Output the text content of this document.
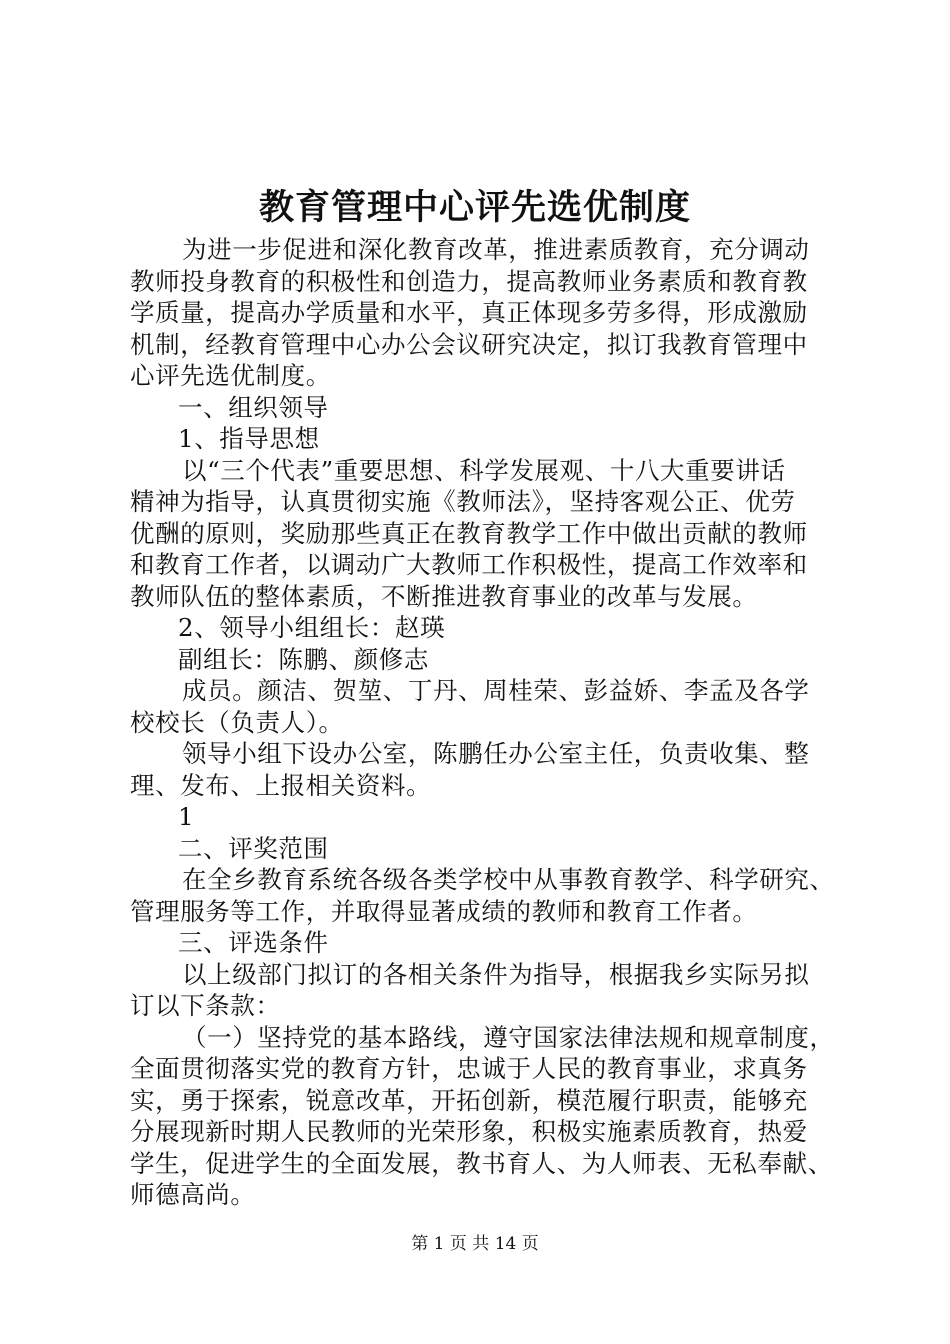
教育管理中心评先选优制度

为进一步促进和深化教育改革，推进素质教育，充分调动

教师投身教育的积极性和创造力，提高教师业务素质和教育教

学质量，提高办学质量和水平，真正体现多劳多得，形成激励

机制，经教育管理中心办公会议研究决定，拟订我教育管理中

心评先选优制度。

一、组织领导

1、指导思想

以“三个代表”重要思想、科学发展观、十八大重要讲话

精神为指导，认真贯彻实施《教师法》，坚持客观公正、优劳

优酬的原则，奖励那些真正在教育教学工作中做出贡献的教师

和教育工作者，以调动广大教师工作积极性，提高工作效率和

教师队伍的整体素质，不断推进教育事业的改革与发展。

2、领导小组组长：赵瑛

副组长：陈鹏、颜修志

成员。颜洁、贺堃、丁丹、周桂荣、彭益娇、李孟及各学

校校长（负责人）。

领导小组下设办公室，陈鹏任办公室主任，负责收集、整

理、发布、上报相关资料。

1

二、评奖范围

在全乡教育系统各级各类学校中从事教育教学、科学研究、

管理服务等工作，并取得显著成绩的教师和教育工作者。

三、评选条件

以上级部门拟订的各相关条件为指导，根据我乡实际另拟

订以下条款：

（一）坚持党的基本路线，遵守国家法律法规和规章制度，

全面贯彻落实党的教育方针，忠诚于人民的教育事业，求真务

实，勇于探索，锐意改革，开拓创新，模范履行职责，能够充

分展现新时期人民教师的光荣形象，积极实施素质教育，热爱

学生，促进学生的全面发展，教书育人、为人师表、无私奉献、

师德高尚。

第 1 页 共 14 页
